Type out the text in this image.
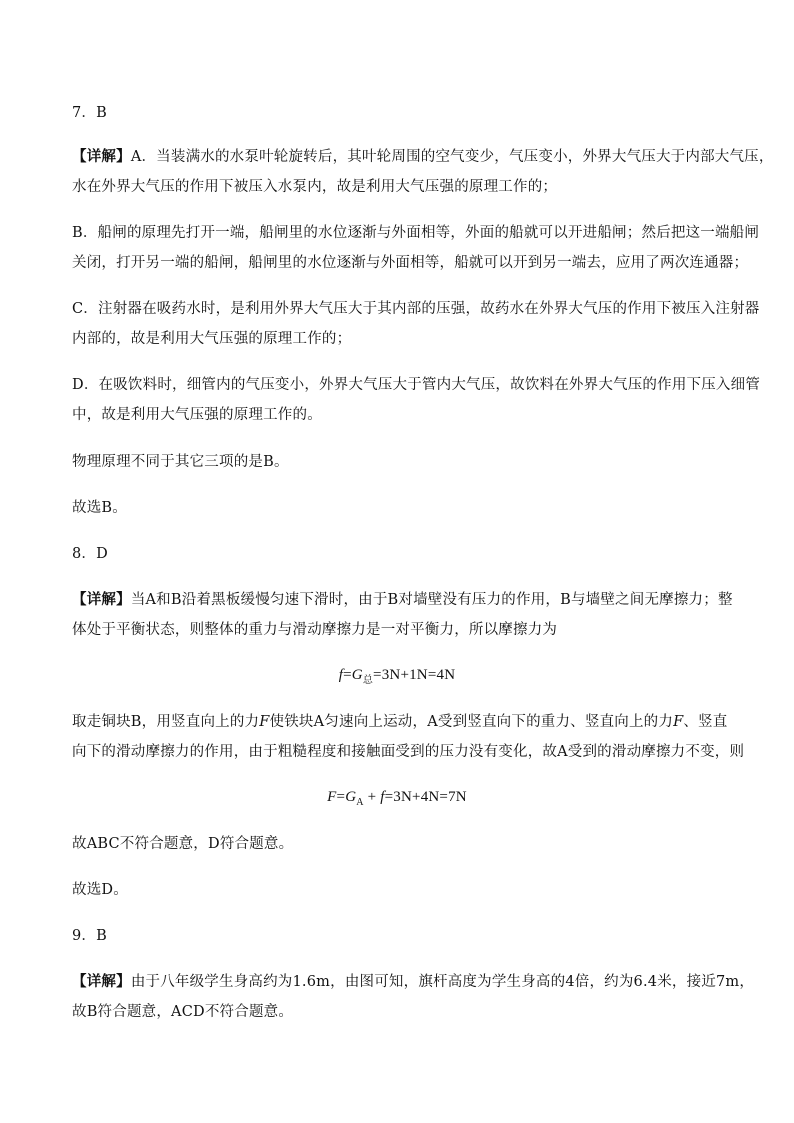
7．B
【详解】A．当装满水的水泵叶轮旋转后，其叶轮周围的空气变少，气压变小，外界大气压大于内部大气压，
水在外界大气压的作用下被压入水泵内，故是利用大气压强的原理工作的；
B．船闸的原理先打开一端，船闸里的水位逐渐与外面相等，外面的船就可以开进船闸；然后把这一端船闸
关闭，打开另一端的船闸，船闸里的水位逐渐与外面相等，船就可以开到另一端去，应用了两次连通器；
C．注射器在吸药水时，是利用外界大气压大于其内部的压强，故药水在外界大气压的作用下被压入注射器
内部的，故是利用大气压强的原理工作的；
D．在吸饮料时，细管内的气压变小，外界大气压大于管内大气压，故饮料在外界大气压的作用下压入细管
中，故是利用大气压强的原理工作的。
物理原理不同于其它三项的是B。
故选B。
8．D
【详解】当A和B沿着黑板缓慢匀速下滑时，由于B对墙壁没有压力的作用，B与墙壁之间无摩擦力；整
体处于平衡状态，则整体的重力与滑动摩擦力是一对平衡力，所以摩擦力为
$f=G_总=3N+1N=4N$
取走铜块B，用竖直向上的力F使铁块A匀速向上运动，A受到竖直向下的重力、竖直向上的力F、竖直
向下的滑动摩擦力的作用，由于粗糙程度和接触面受到的压力没有变化，故A受到的滑动摩擦力不变，则
$F=G_A + f=3N+4N=7N$
故ABC不符合题意，D符合题意。
故选D。
9．B
【详解】由于八年级学生身高约为1.6m，由图可知，旗杆高度为学生身高的4倍，约为6.4米，接近7m，
故B符合题意，ACD不符合题意。
